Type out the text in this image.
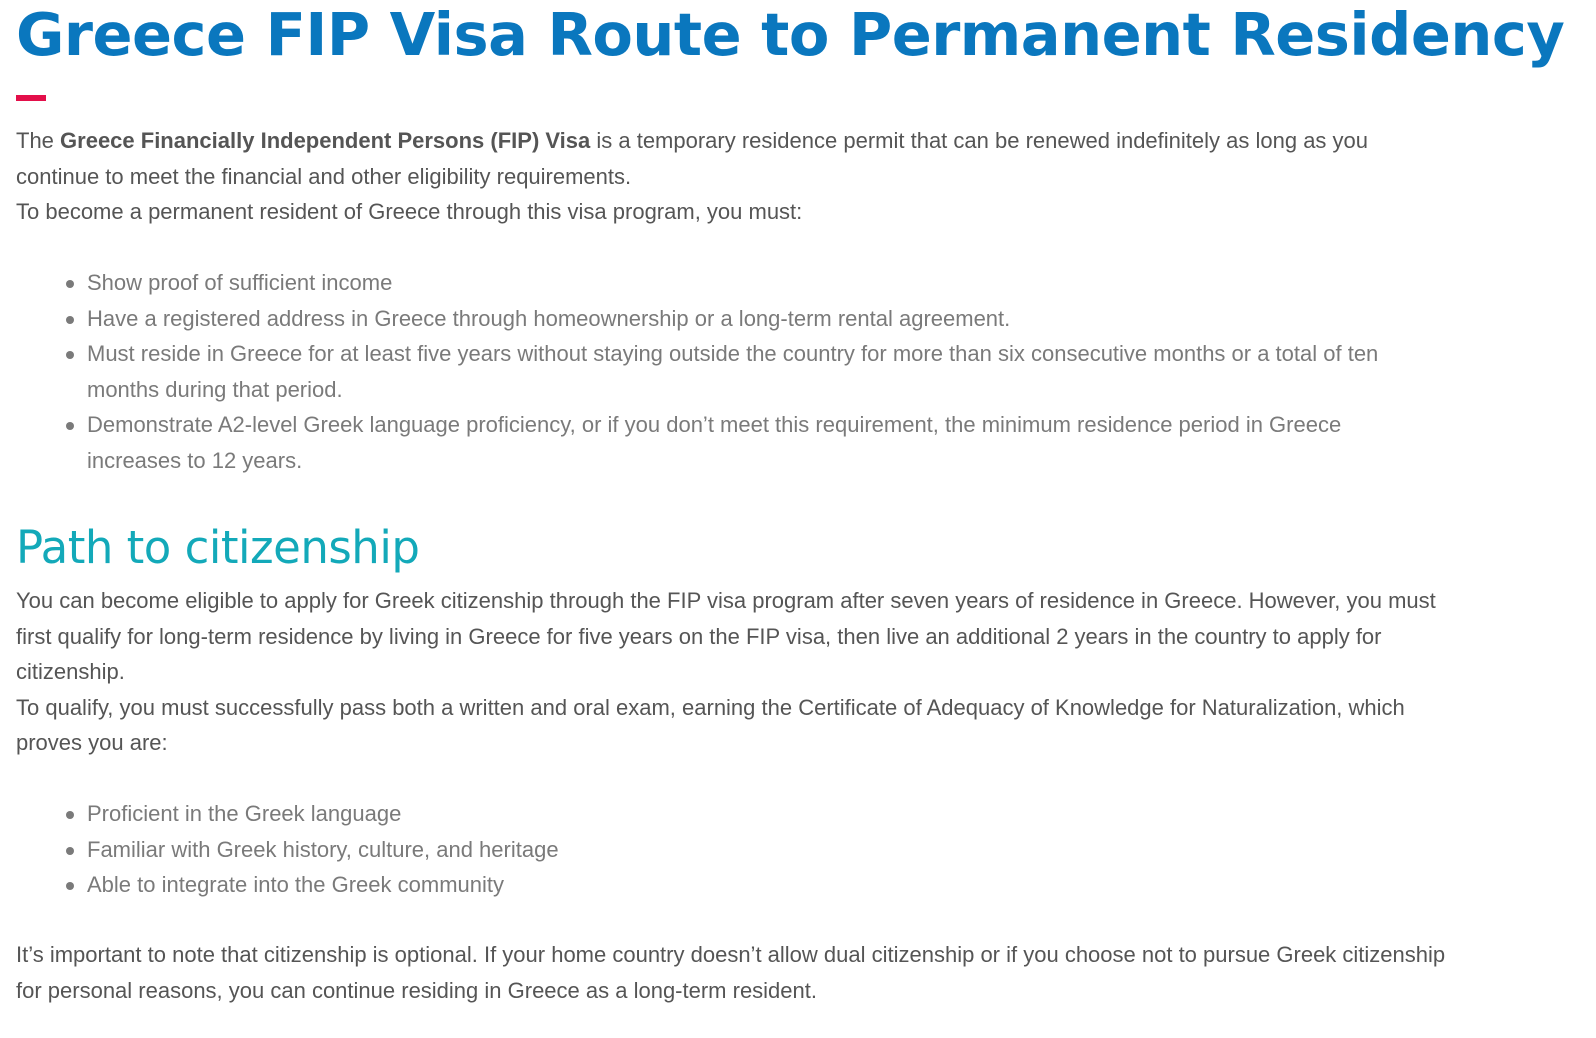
Greece FIP Visa Route to Permanent Residency

The Greece Financially Independent Persons (FIP) Visa is a temporary residence permit that can be renewed indefinitely as long as you continue to meet the financial and other eligibility requirements.

To become a permanent resident of Greece through this visa program, you must:

Show proof of sufficient income
Have a registered address in Greece through homeownership or a long-term rental agreement.
Must reside in Greece for at least five years without staying outside the country for more than six consecutive months or a total of ten months during that period.
Demonstrate A2-level Greek language proficiency, or if you don’t meet this requirement, the minimum residence period in Greece increases to 12 years.
Path to citizenship

You can become eligible to apply for Greek citizenship through the FIP visa program after seven years of residence in Greece. However, you must first qualify for long-term residence by living in Greece for five years on the FIP visa, then live an additional 2 years in the country to apply for citizenship.

To qualify, you must successfully pass both a written and oral exam, earning the Certificate of Adequacy of Knowledge for Naturalization, which proves you are:

Proficient in the Greek language
Familiar with Greek history, culture, and heritage
Able to integrate into the Greek community

It’s important to note that citizenship is optional. If your home country doesn’t allow dual citizenship or if you choose not to pursue Greek citizenship for personal reasons, you can continue residing in Greece as a long-term resident.
